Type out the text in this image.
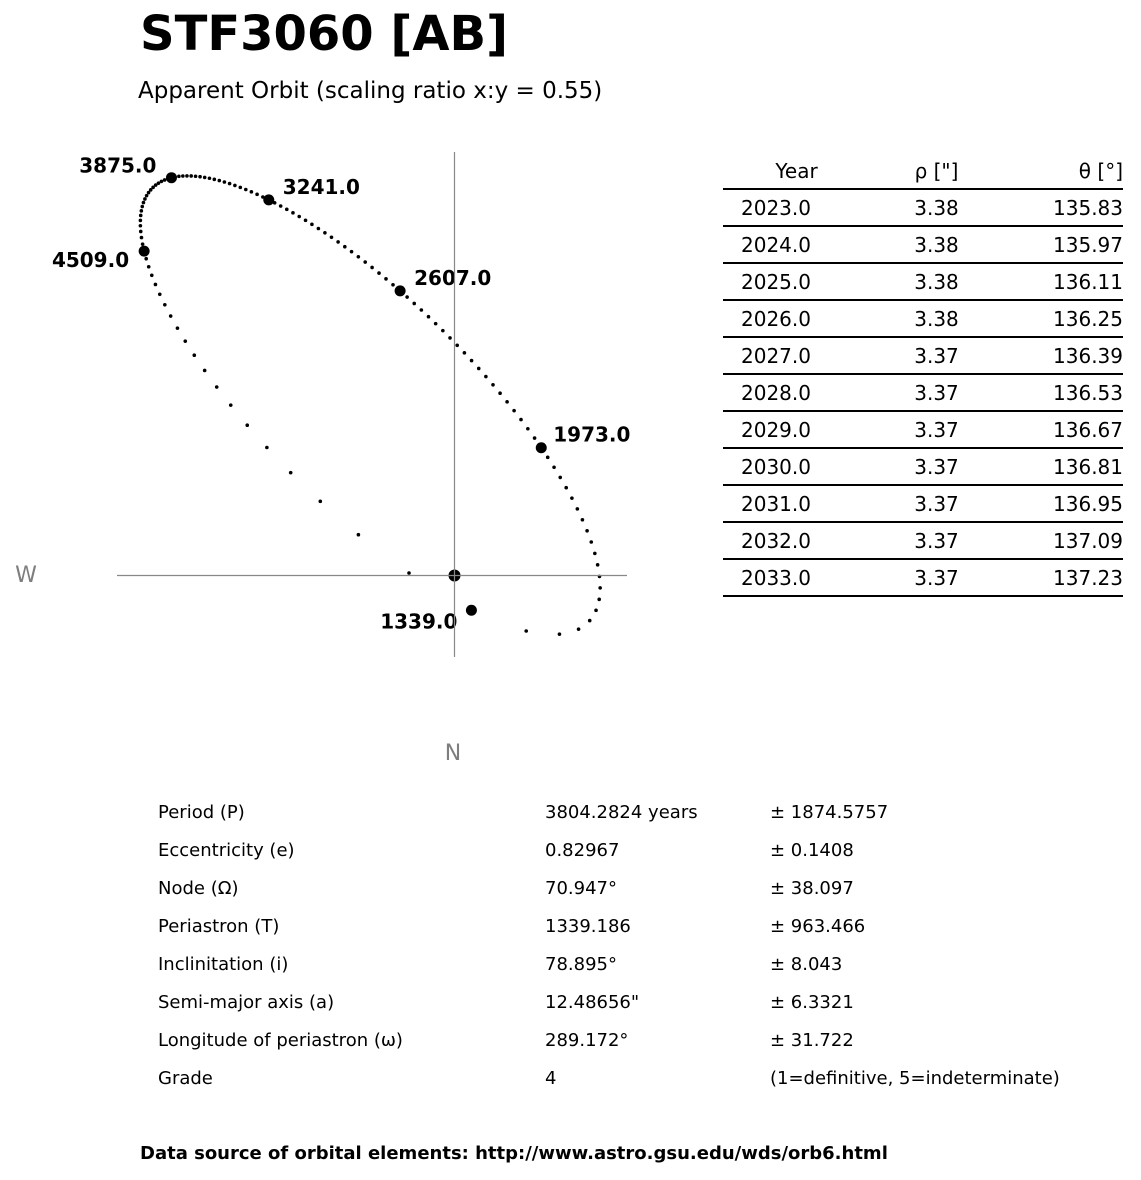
STF3060 [AB]
Apparent Orbit (scaling ratio x:y = 0.55)
1339.0
1973.0
2607.0
3241.0
3875.0
4509.0
W
N
Year	ρ ["]	θ [°]
2023.0	3.38	135.83
2024.0	3.38	135.97
2025.0	3.38	136.11
2026.0	3.38	136.25
2027.0	3.37	136.39
2028.0	3.37	136.53
2029.0	3.37	136.67
2030.0	3.37	136.81
2031.0	3.37	136.95
2032.0	3.37	137.09
2033.0	3.37	137.23
Period (P)	3804.2824 years	± 1874.5757
Eccentricity (e)	0.82967	± 0.1408
Node (Ω)	70.947°	± 38.097
Periastron (T)	1339.186	± 963.466
Inclinitation (i)	78.895°	± 8.043
Semi-major axis (a)	12.48656"	± 6.3321
Longitude of periastron (ω)	289.172°	± 31.722
Grade	4	(1=definitive, 5=indeterminate)
Data source of orbital elements: http://www.astro.gsu.edu/wds/orb6.html
